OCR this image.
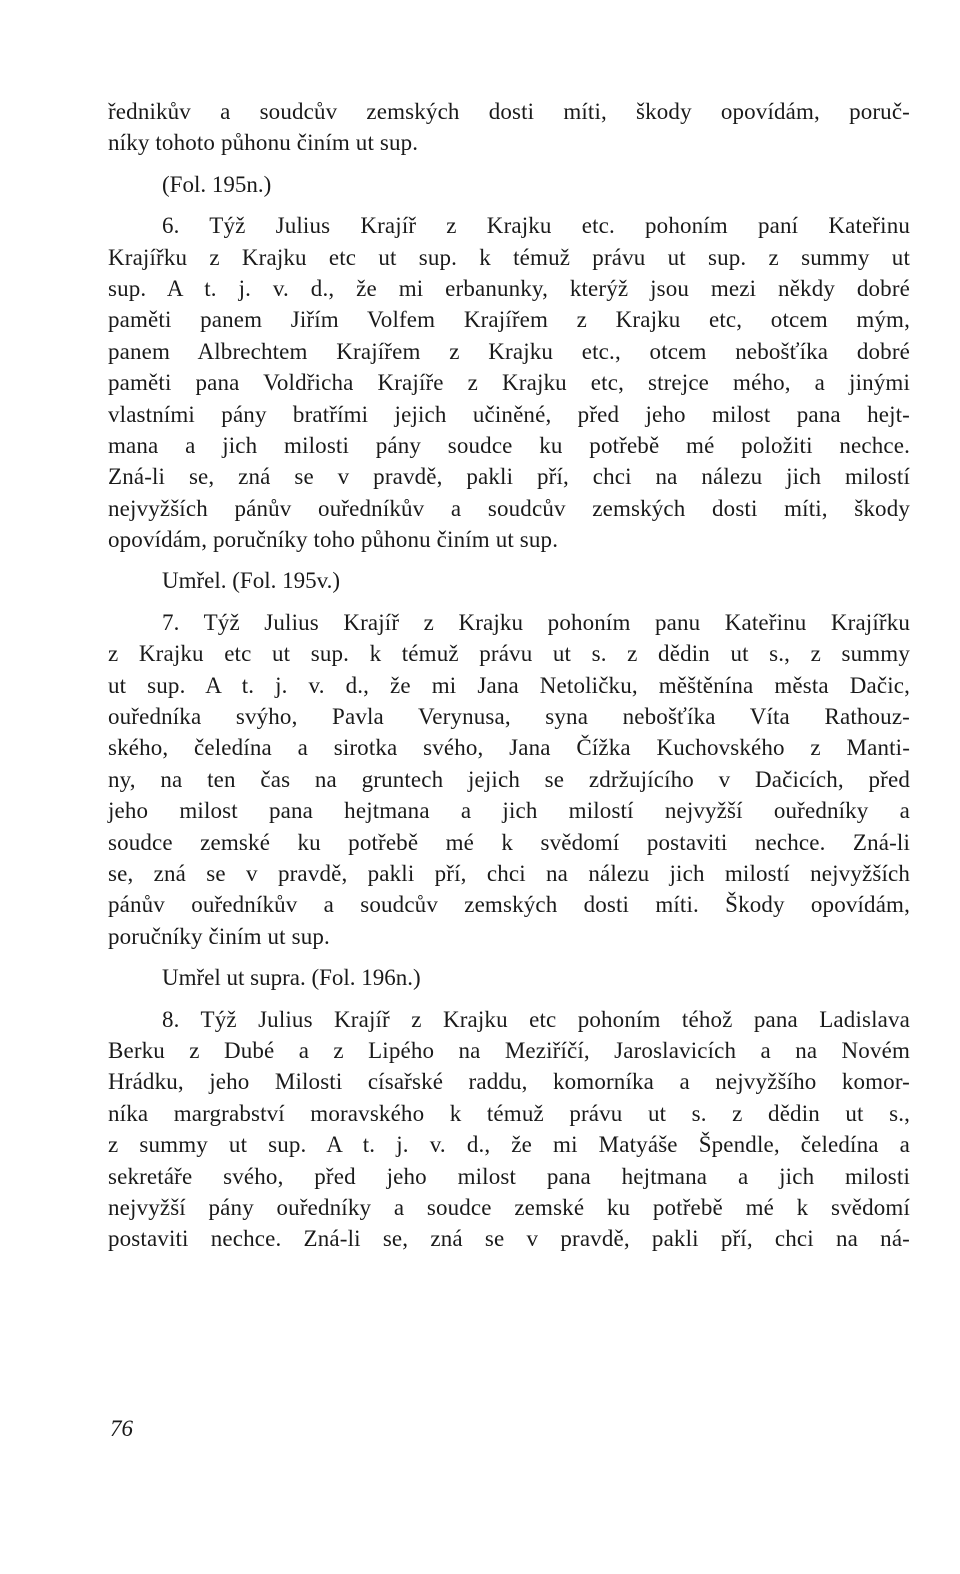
řednikův a soudcův zemských dosti míti, škody opovídám, poruč-
níky tohoto půhonu činím ut sup.
(Fol. 195n.)
6. Týž Julius Krajíř z Krajku etc. pohoním paní Kateřinu
Krajířku z Krajku etc ut sup. k témuž právu ut sup. z summy ut
sup. A t. j. v. d., že mi erbanunky, kterýž jsou mezi někdy dobré
paměti panem Jiřím Volfem Krajířem z Krajku etc, otcem mým,
panem Albrechtem Krajířem z Krajku etc., otcem nebošťíka dobré
paměti pana Voldřicha Krajíře z Krajku etc, strejce mého, a jinými
vlastními pány bratřími jejich učiněné, před jeho milost pana hejt-
mana a jich milosti pány soudce ku potřebě mé položiti nechce.
Zná-li se, zná se v pravdě, pakli pří, chci na nálezu jich milostí
nejvyžších pánův ouředníkův a soudcův zemských dosti míti, škody
opovídám, poručníky toho půhonu činím ut sup.
Umřel. (Fol. 195v.)
7. Týž Julius Krajíř z Krajku pohoním panu Kateřinu Krajířku
z Krajku etc ut sup. k témuž právu ut s. z dědin ut s., z summy
ut sup. A t. j. v. d., že mi Jana Netoličku, měštěnína města Dačic,
ouředníka svýho, Pavla Verynusa, syna nebošťíka Víta Rathouz-
ského, čeledína a sirotka svého, Jana Čížka Kuchovského z Manti-
ny, na ten čas na gruntech jejich se zdržujícího v Dačicích, před
jeho milost pana hejtmana a jich milostí nejvyžší ouředníky a
soudce zemské ku potřebě mé k svědomí postaviti nechce. Zná-li
se, zná se v pravdě, pakli pří, chci na nálezu jich milostí nejvyžších
pánův ouředníkův a soudcův zemských dosti míti. Škody opovídám,
poručníky činím ut sup.
Umřel ut supra. (Fol. 196n.)
8. Týž Julius Krajíř z Krajku etc pohoním téhož pana Ladislava
Berku z Dubé a z Lipého na Meziříčí, Jaroslavicích a na Novém
Hrádku, jeho Milosti císařské raddu, komorníka a nejvyžšího komor-
níka margrabství moravského k témuž právu ut s. z dědin ut s.,
z summy ut sup. A t. j. v. d., že mi Matyáše Špendle, čeledína a
sekretáře svého, před jeho milost pana hejtmana a jich milosti
nejvyžší pány ouředníky a soudce zemské ku potřebě mé k svědomí
postaviti nechce. Zná-li se, zná se v pravdě, pakli pří, chci na ná-
76
